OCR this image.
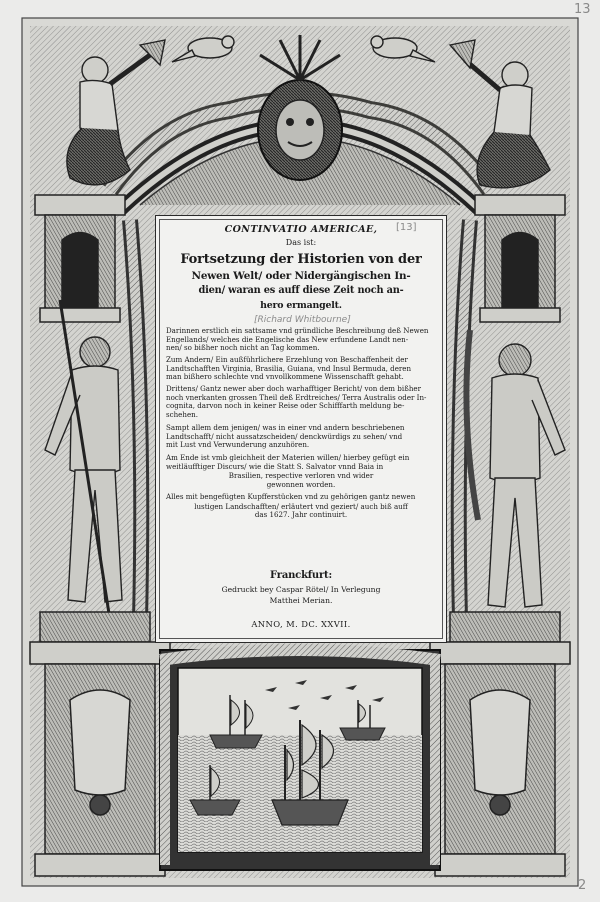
13
2
CONTINVATIO AMERICAE,	[13]
Das ist:
Fortsetzung der Historien von der
Newen Welt/ oder Nidergängischen In-
dien/ waran es auff diese Zeit noch an-
hero ermangelt.
[Richard Whitbourne]
Darinnen erstlich ein sattsame vnd gründliche Beschreibung deß Newen
Engellands/ welches die Engelische das New erfundene Landt nen-
nen/ so bißher noch nicht an Tag kommen.
Zum Andern/ Ein außführlichere Erzehlung von Beschaffenheit der
Landtschafften Virginia, Brasilia, Guiana, vnd Insul Bermuda, deren
man bißhero schlechte vnd vnvollkommene Wissenschafft gehabt.
Drittens/ Gantz newer aber doch warhafftiger Bericht/ von dem bißher
noch vnerkanten grossen Theil deß Erdtreiches/ Terra Australis oder In-
cognita, darvon noch in keiner Reise oder Schifffarth meldung be-
schehen.
Sampt allem dem jenigen/ was in einer vnd andern beschriebenen
Landtschafft/ nicht aussatzscheiden/ denckwürdigs zu sehen/ vnd
mit Lust vnd Verwunderung anzuhören.
Am Ende ist vmb gleichheit der Materien willen/ hierbey gefügt ein
weitläufftiger Discurs/ wie die Statt S. Salvator vnnd Baia in
Brasilien, respective verloren vnd wider
gewonnen worden.
Alles mit bengefügten Kupfferstücken vnd zu gehörigen gantz newen
lustigen Landschafften/ erläutert vnd geziert/ auch biß auff
das 1627. Jahr continuirt.
Franckfurt:
Gedruckt bey Caspar Rötel/ In Verlegung
Matthei Merian.
ANNO, M. DC. XXVII.
